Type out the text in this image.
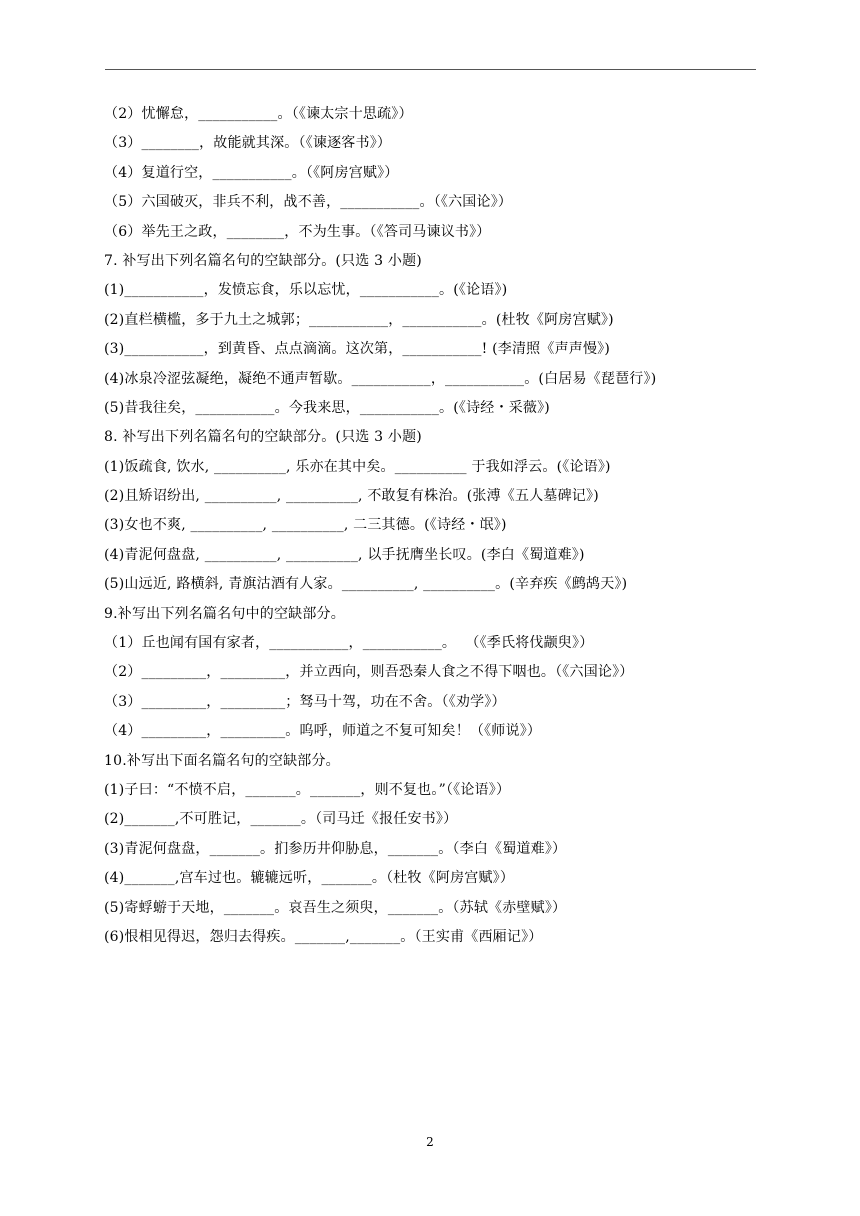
（2）忧懈怠，___________。（《谏太宗十思疏》）
（3）________，故能就其深。（《谏逐客书》）
（4）复道行空，___________。（《阿房宫赋》）
（5）六国破灭，非兵不利，战不善，___________。（《六国论》）
（6）举先王之政，________，不为生事。（《答司马谏议书》）
7. 补写出下列名篇名句的空缺部分。(只选 3 小题)
(1)___________，发愤忘食，乐以忘忧，___________。(《论语》)
(2)直栏横槛，多于九土之城郭；___________，___________。(杜牧《阿房宫赋》)
(3)___________，到黄昏、点点滴滴。这次第，___________! (李清照《声声慢》)
(4)冰泉冷涩弦凝绝，凝绝不通声暂歇。___________，___________。(白居易《琵琶行》)
(5)昔我往矣，___________。今我来思，___________。(《诗经・采薇》)
8. 补写出下列名篇名句的空缺部分。(只选 3 小题)
(1)饭疏食, 饮水, __________, 乐亦在其中矣。__________ 于我如浮云。(《论语》)
(2)且矫诏纷出, __________, __________, 不敢复有株治。(张溥《五人墓碑记》)
(3)女也不爽, __________, __________, 二三其德。(《诗经・氓》)
(4)青泥何盘盘, __________, __________, 以手抚膺坐长叹。(李白《蜀道难》)
(5)山远近, 路横斜, 青旗沽酒有人家。__________, __________。(辛弃疾《鹧鸪天》)
9.补写出下列名篇名句中的空缺部分。
（1）丘也闻有国有家者，___________，___________。  （《季氏将伐颛臾》）
（2）_________，_________，并立西向，则吾恐秦人食之不得下咽也。（《六国论》）
（3）_________，_________；驽马十驾，功在不舍。（《劝学》）
（4）_________，_________。呜呼，师道之不复可知矣！（《师说》）
10.补写出下面名篇名句的空缺部分。
(1)子曰：“不愤不启，_______。_______，则不复也。”（《论语》）
(2)_______,不可胜记，_______。（司马迁《报任安书》）
(3)青泥何盘盘，_______。扪参历井仰胁息，_______。（李白《蜀道难》）
(4)_______,宫车过也。辘辘远听，_______。（杜牧《阿房宫赋》）
(5)寄蜉蝣于天地，_______。哀吾生之须臾，_______。（苏轼《赤壁赋》）
(6)恨相见得迟，怨归去得疾。_______,_______。（王实甫《西厢记》）
2
